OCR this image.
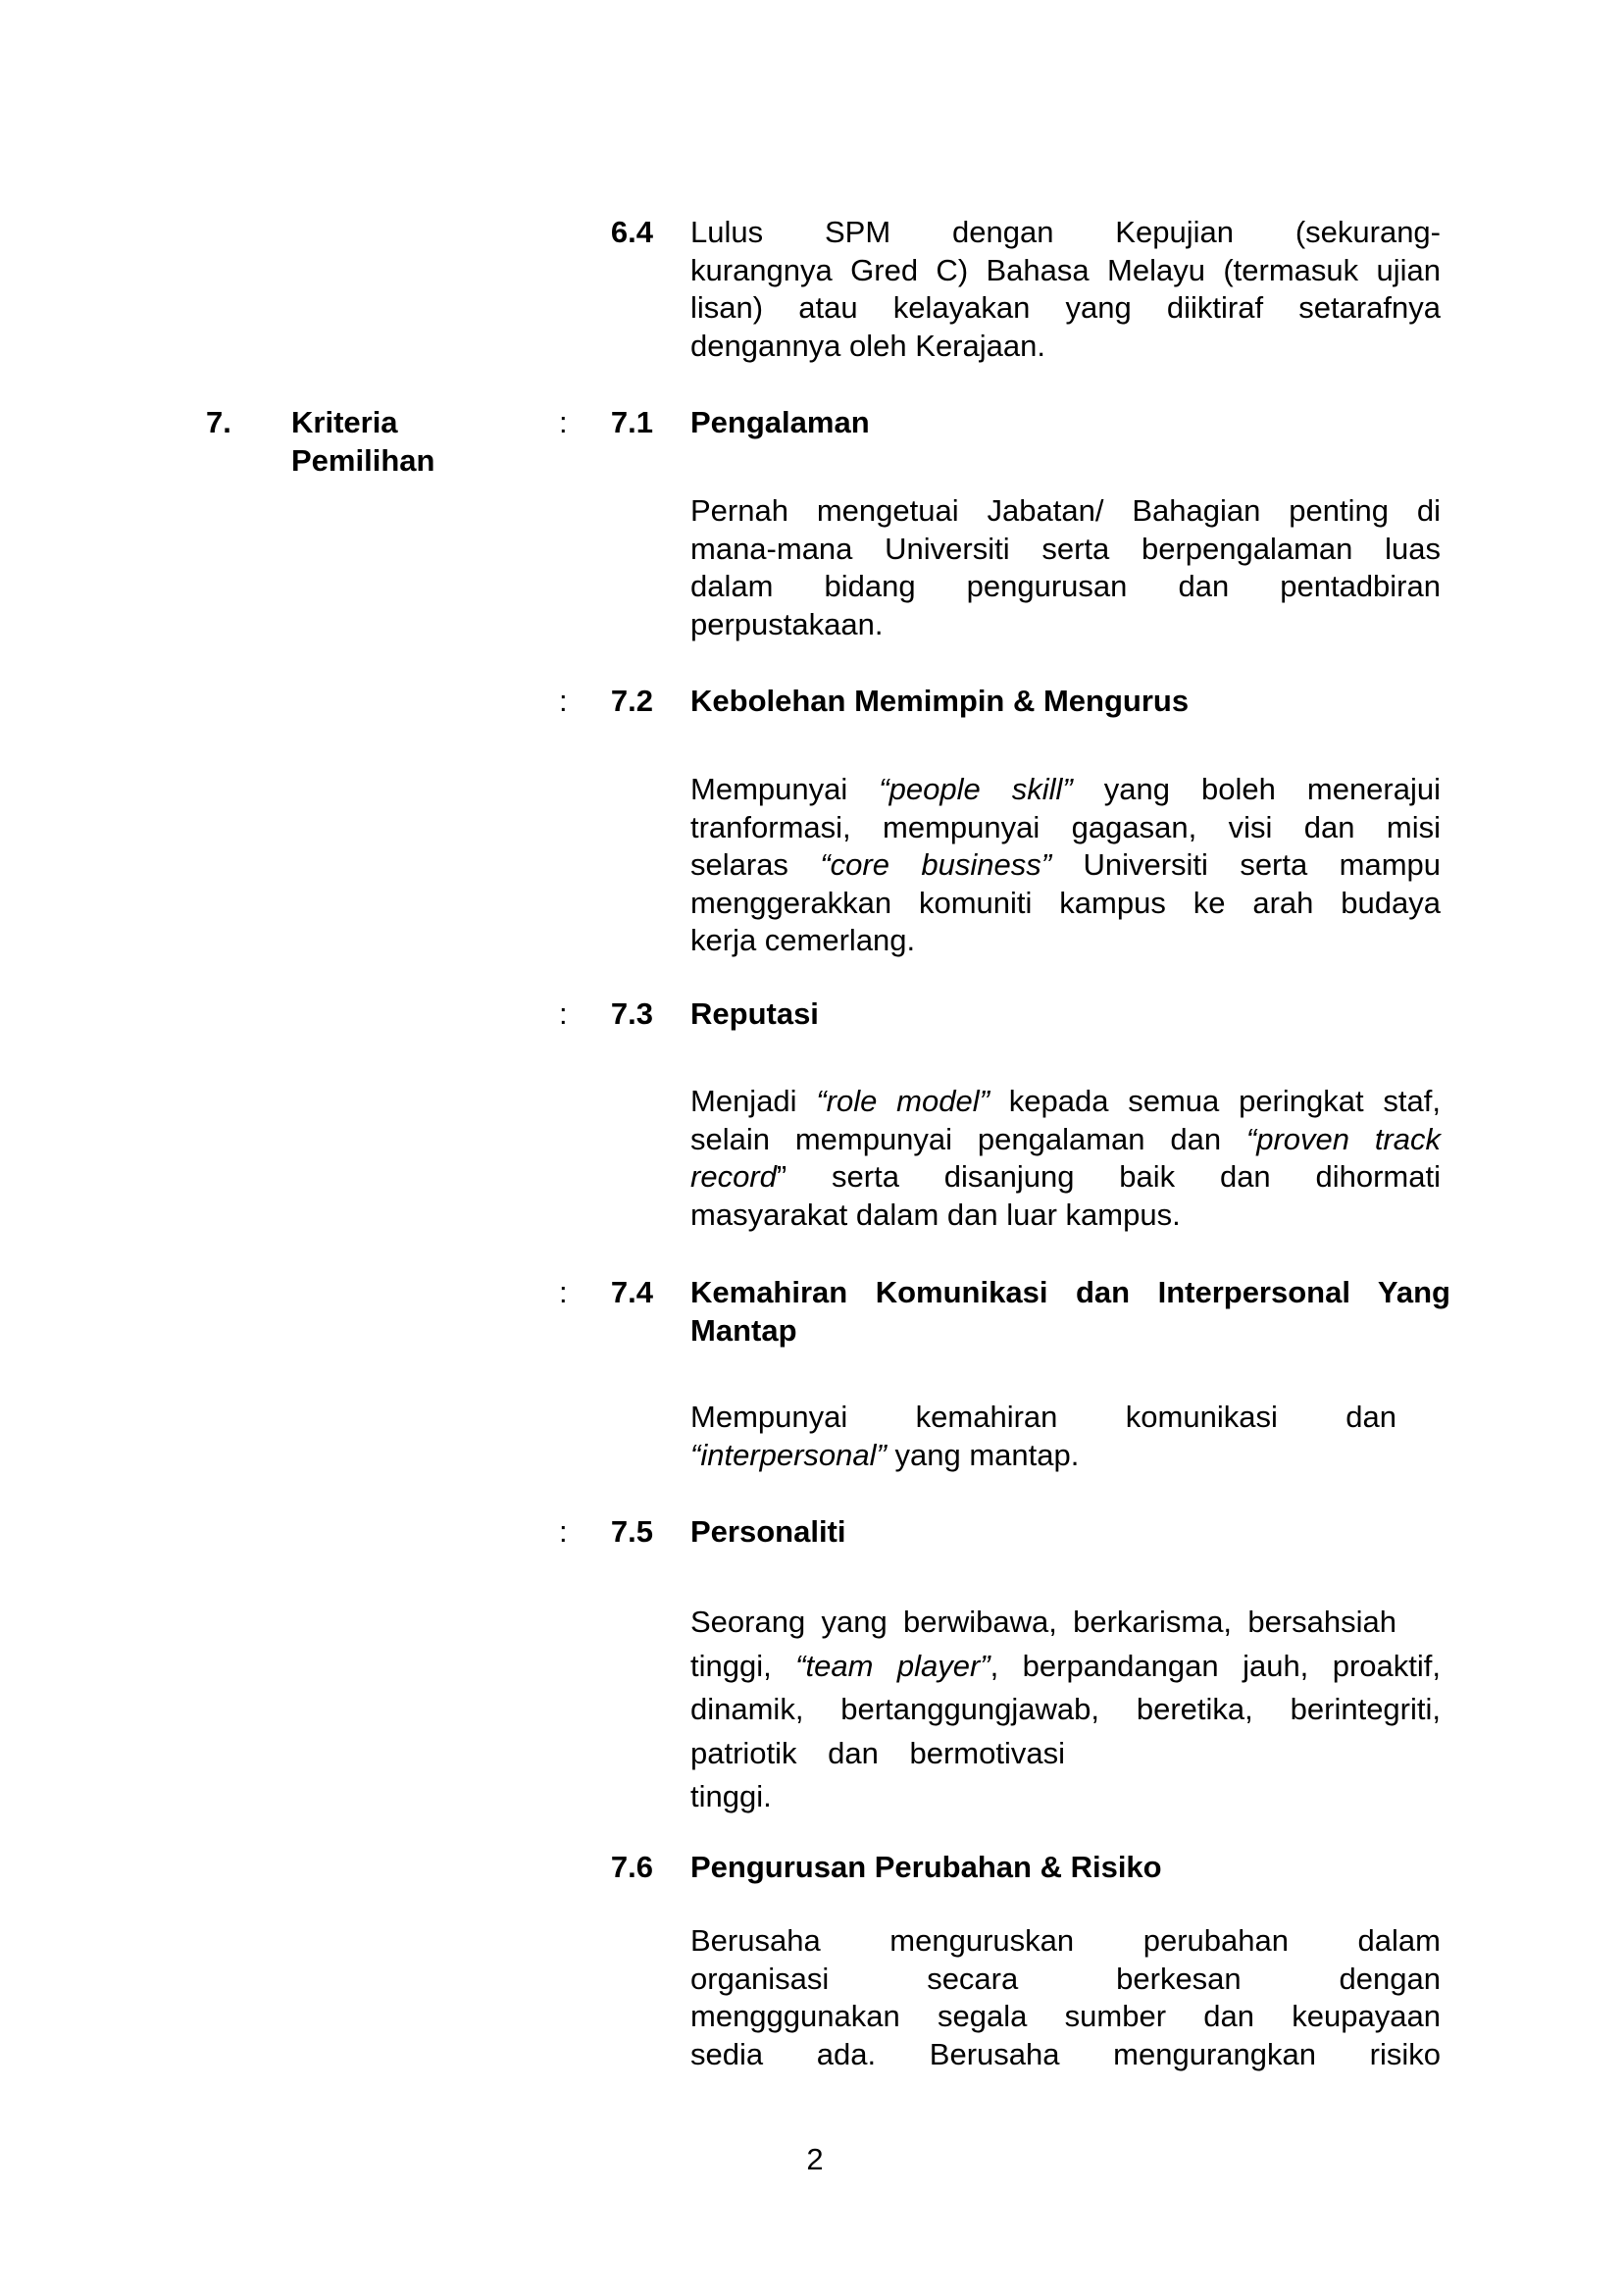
6.4 Lulus SPM dengan Kepujian (sekurang-
kurangnya Gred C) Bahasa Melayu (termasuk ujian
lisan) atau kelayakan yang diiktiraf setarafnya
dengannya oleh Kerajaan.
7. Kriteria
Pemilihan
:	7.1 Pengalaman
Pernah mengetuai Jabatan/ Bahagian penting di
mana-mana Universiti serta berpengalaman luas
dalam bidang pengurusan dan pentadbiran
perpustakaan.
:	7.2 Kebolehan Memimpin & Mengurus
Mempunyai “people skill” yang boleh menerajui
tranformasi, mempunyai gagasan, visi dan misi
selaras “core business” Universiti serta mampu
menggerakkan komuniti kampus ke arah budaya
kerja cemerlang.
:	7.3 Reputasi
Menjadi “role model” kepada semua peringkat staf,
selain mempunyai pengalaman dan “proven track
record” serta disanjung baik dan dihormati
masyarakat dalam dan luar kampus.
:	7.4 Kemahiran Komunikasi dan Interpersonal Yang
Mantap
Mempunyai kemahiran komunikasi dan
“interpersonal” yang mantap.
:	7.5 Personaliti
Seorang yang berwibawa, berkarisma, bersahsiah
tinggi, “team player”, berpandangan jauh, proaktif,
dinamik, bertanggungjawab, beretika, berintegriti,
patriotik dan bermotivasi
tinggi.
7.6 Pengurusan Perubahan & Risiko
Berusaha menguruskan perubahan dalam
organisasi secara berkesan dengan
mengggunakan segala sumber dan keupayaan
sedia ada. Berusaha mengurangkan risiko
2
